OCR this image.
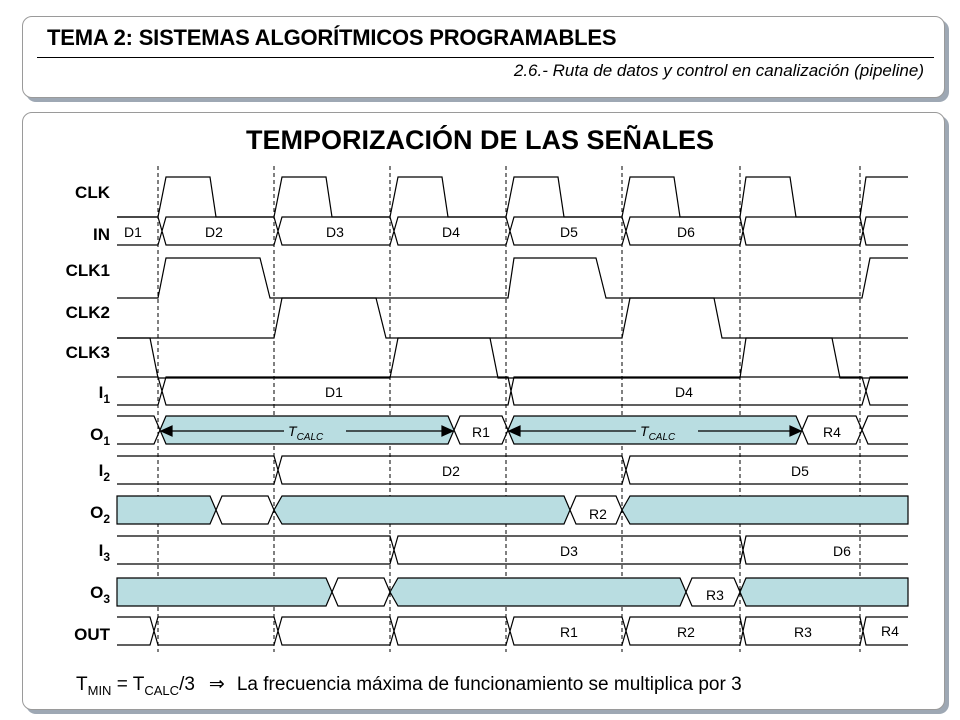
TEMA 2: SISTEMAS ALGORÍTMICOS PROGRAMABLES
2.6.- Ruta de datos y control en canalización (pipeline)
TEMPORIZACIÓN DE LAS SEÑALES
CLK
IN
CLK1
CLK2
CLK3
$I_1$
$O_1$
$I_2$
$O_2$
$I_3$
$O_3$
OUT
$T_{CALC}$	$T_{CALC}$
D1	D2	D3	D4	D5	D6
D1	D4
R1	R4
D2	D5
R2
D3	D6
R3
R1	R2	R3	R4
$T_{MIN} = T_{CALC}/3$ ⇒ La frecuencia máxima de funcionamiento se multiplica por 3
